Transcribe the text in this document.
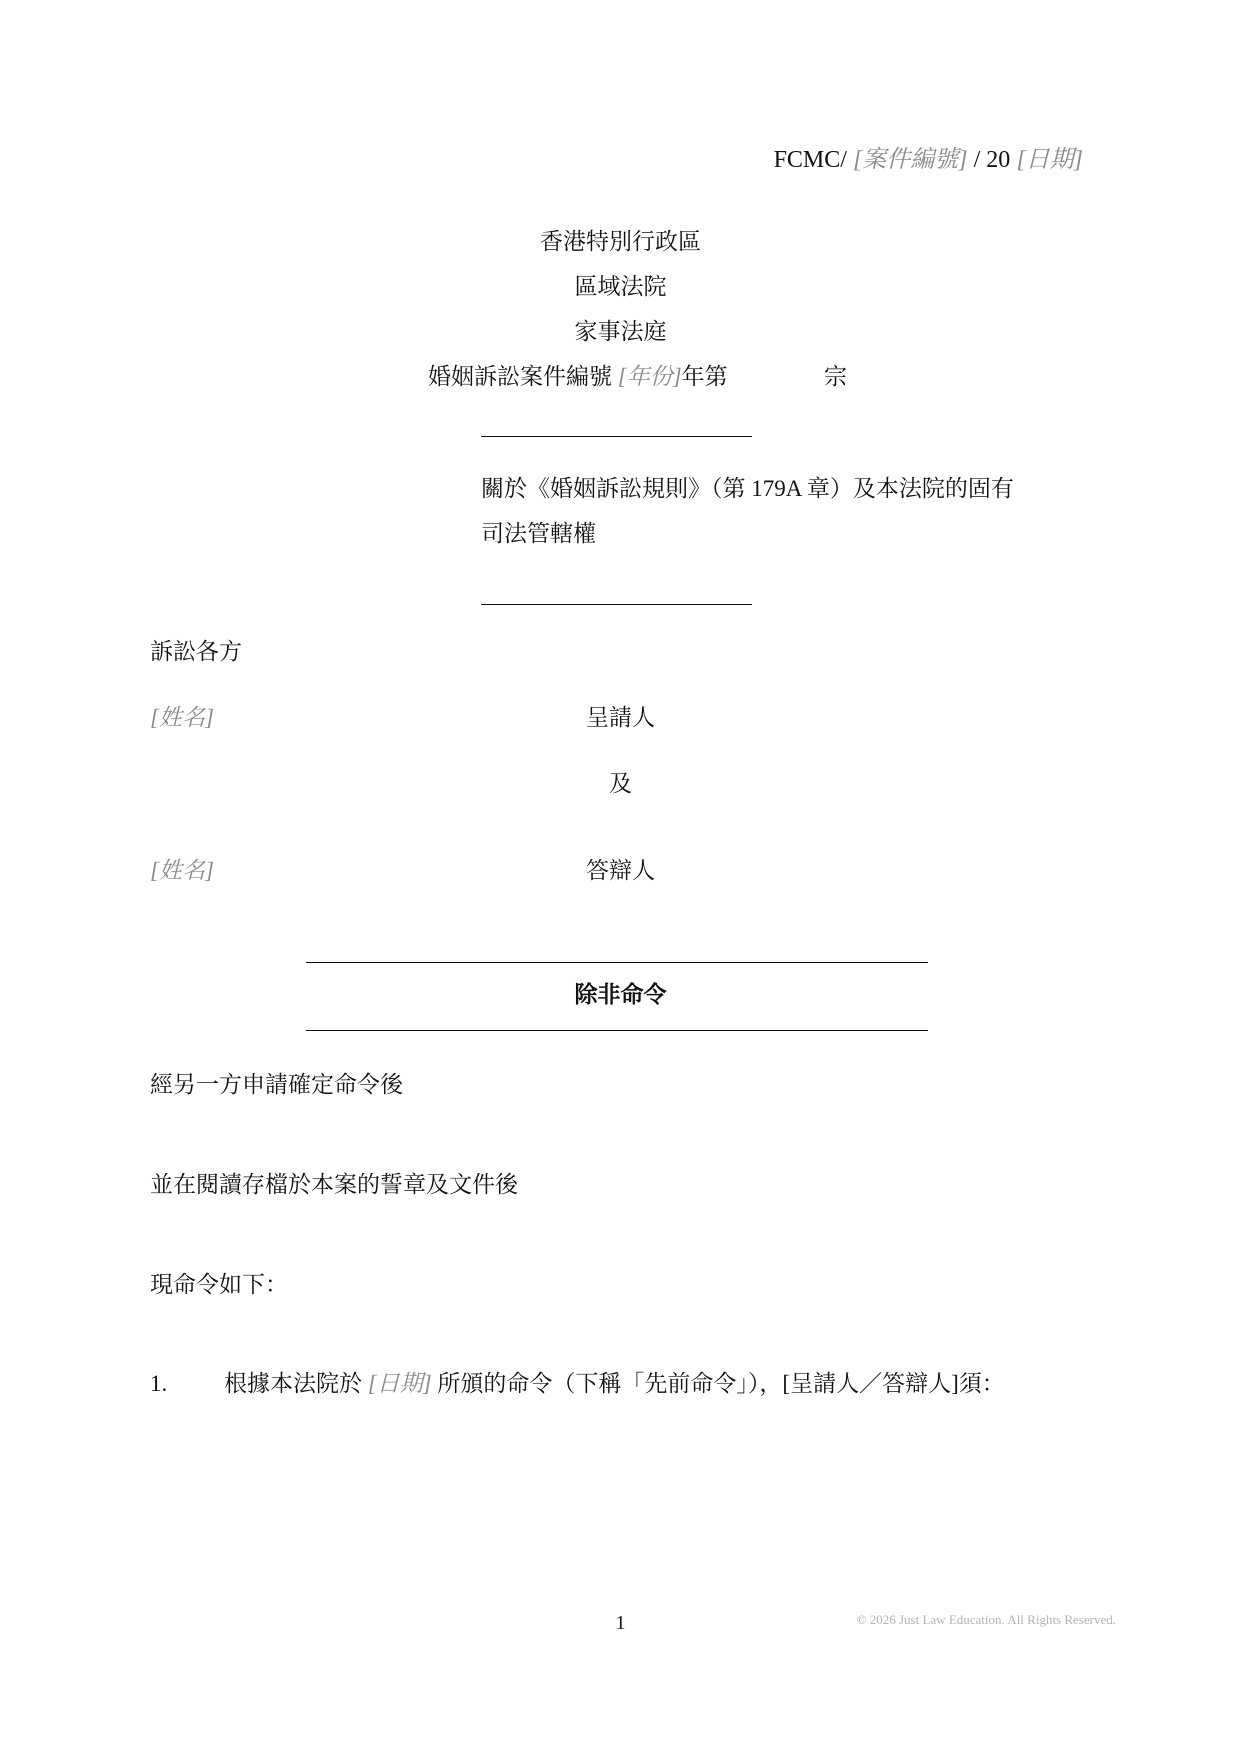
FCMC/ [案件編號] / 20 [日期]
香港特別行政區
區域法院
家事法庭
婚姻訴訟案件編號 [年份]年第	宗
關於《婚姻訴訟規則》（第 179A 章）及本法院的固有
司法管轄權
訴訟各方
[姓名]	呈請人
及
[姓名]	答辯人
除非命令
經另一方申請確定命令後
並在閱讀存檔於本案的誓章及文件後
現命令如下：
1. 根據本法院於 [日期] 所頒的命令（下稱「先前命令」），[呈請人／答辯人]須：
1	© 2026 Just Law Education. All Rights Reserved.
